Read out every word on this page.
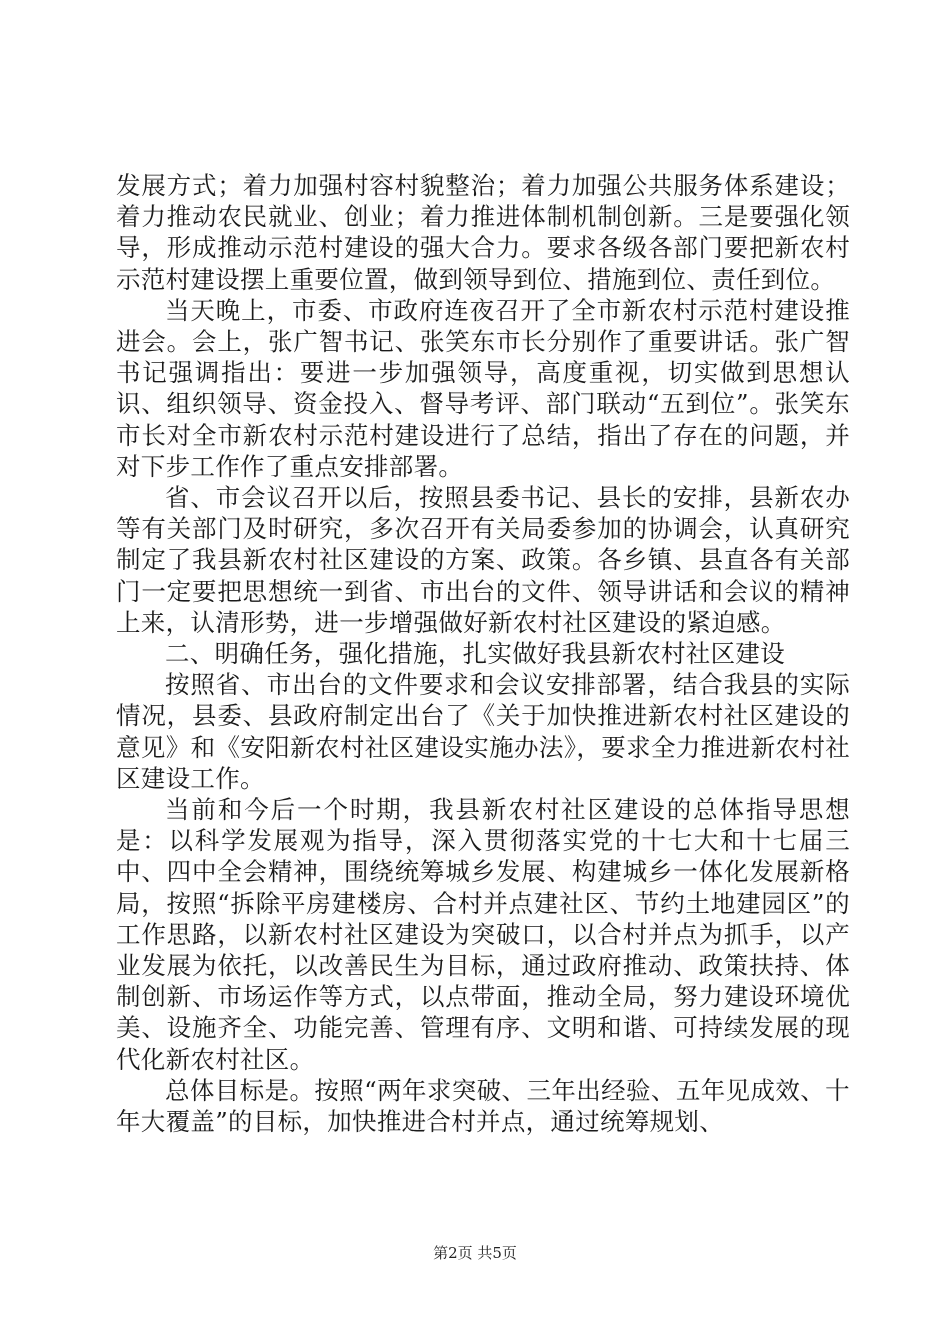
发展方式；着力加强村容村貌整治；着力加强公共服务体系建设；着力推动农民就业、创业；着力推进体制机制创新。三是要强化领导，形成推动示范村建设的强大合力。要求各级各部门要把新农村示范村建设摆上重要位置，做到领导到位、措施到位、责任到位。

当天晚上，市委、市政府连夜召开了全市新农村示范村建设推进会。会上，张广智书记、张笑东市长分别作了重要讲话。张广智书记强调指出：要进一步加强领导，高度重视，切实做到思想认识、组织领导、资金投入、督导考评、部门联动“五到位”。张笑东市长对全市新农村示范村建设进行了总结，指出了存在的问题，并对下步工作作了重点安排部署。

省、市会议召开以后，按照县委书记、县长的安排，县新农办等有关部门及时研究，多次召开有关局委参加的协调会，认真研究制定了我县新农村社区建设的方案、政策。各乡镇、县直各有关部门一定要把思想统一到省、市出台的文件、领导讲话和会议的精神上来，认清形势，进一步增强做好新农村社区建设的紧迫感。

二、明确任务，强化措施，扎实做好我县新农村社区建设

按照省、市出台的文件要求和会议安排部署，结合我县的实际情况，县委、县政府制定出台了《关于加快推进新农村社区建设的意见》和《安阳新农村社区建设实施办法》，要求全力推进新农村社区建设工作。

当前和今后一个时期，我县新农村社区建设的总体指导思想是：以科学发展观为指导，深入贯彻落实党的十七大和十七届三中、四中全会精神，围绕统筹城乡发展、构建城乡一体化发展新格局，按照“拆除平房建楼房、合村并点建社区、节约土地建园区”的工作思路，以新农村社区建设为突破口，以合村并点为抓手，以产业发展为依托，以改善民生为目标，通过政府推动、政策扶持、体制创新、市场运作等方式，以点带面，推动全局，努力建设环境优美、设施齐全、功能完善、管理有序、文明和谐、可持续发展的现代化新农村社区。

总体目标是。按照“两年求突破、三年出经验、五年见成效、十年大覆盖”的目标，加快推进合村并点，通过统筹规划、

第2页 共5页
